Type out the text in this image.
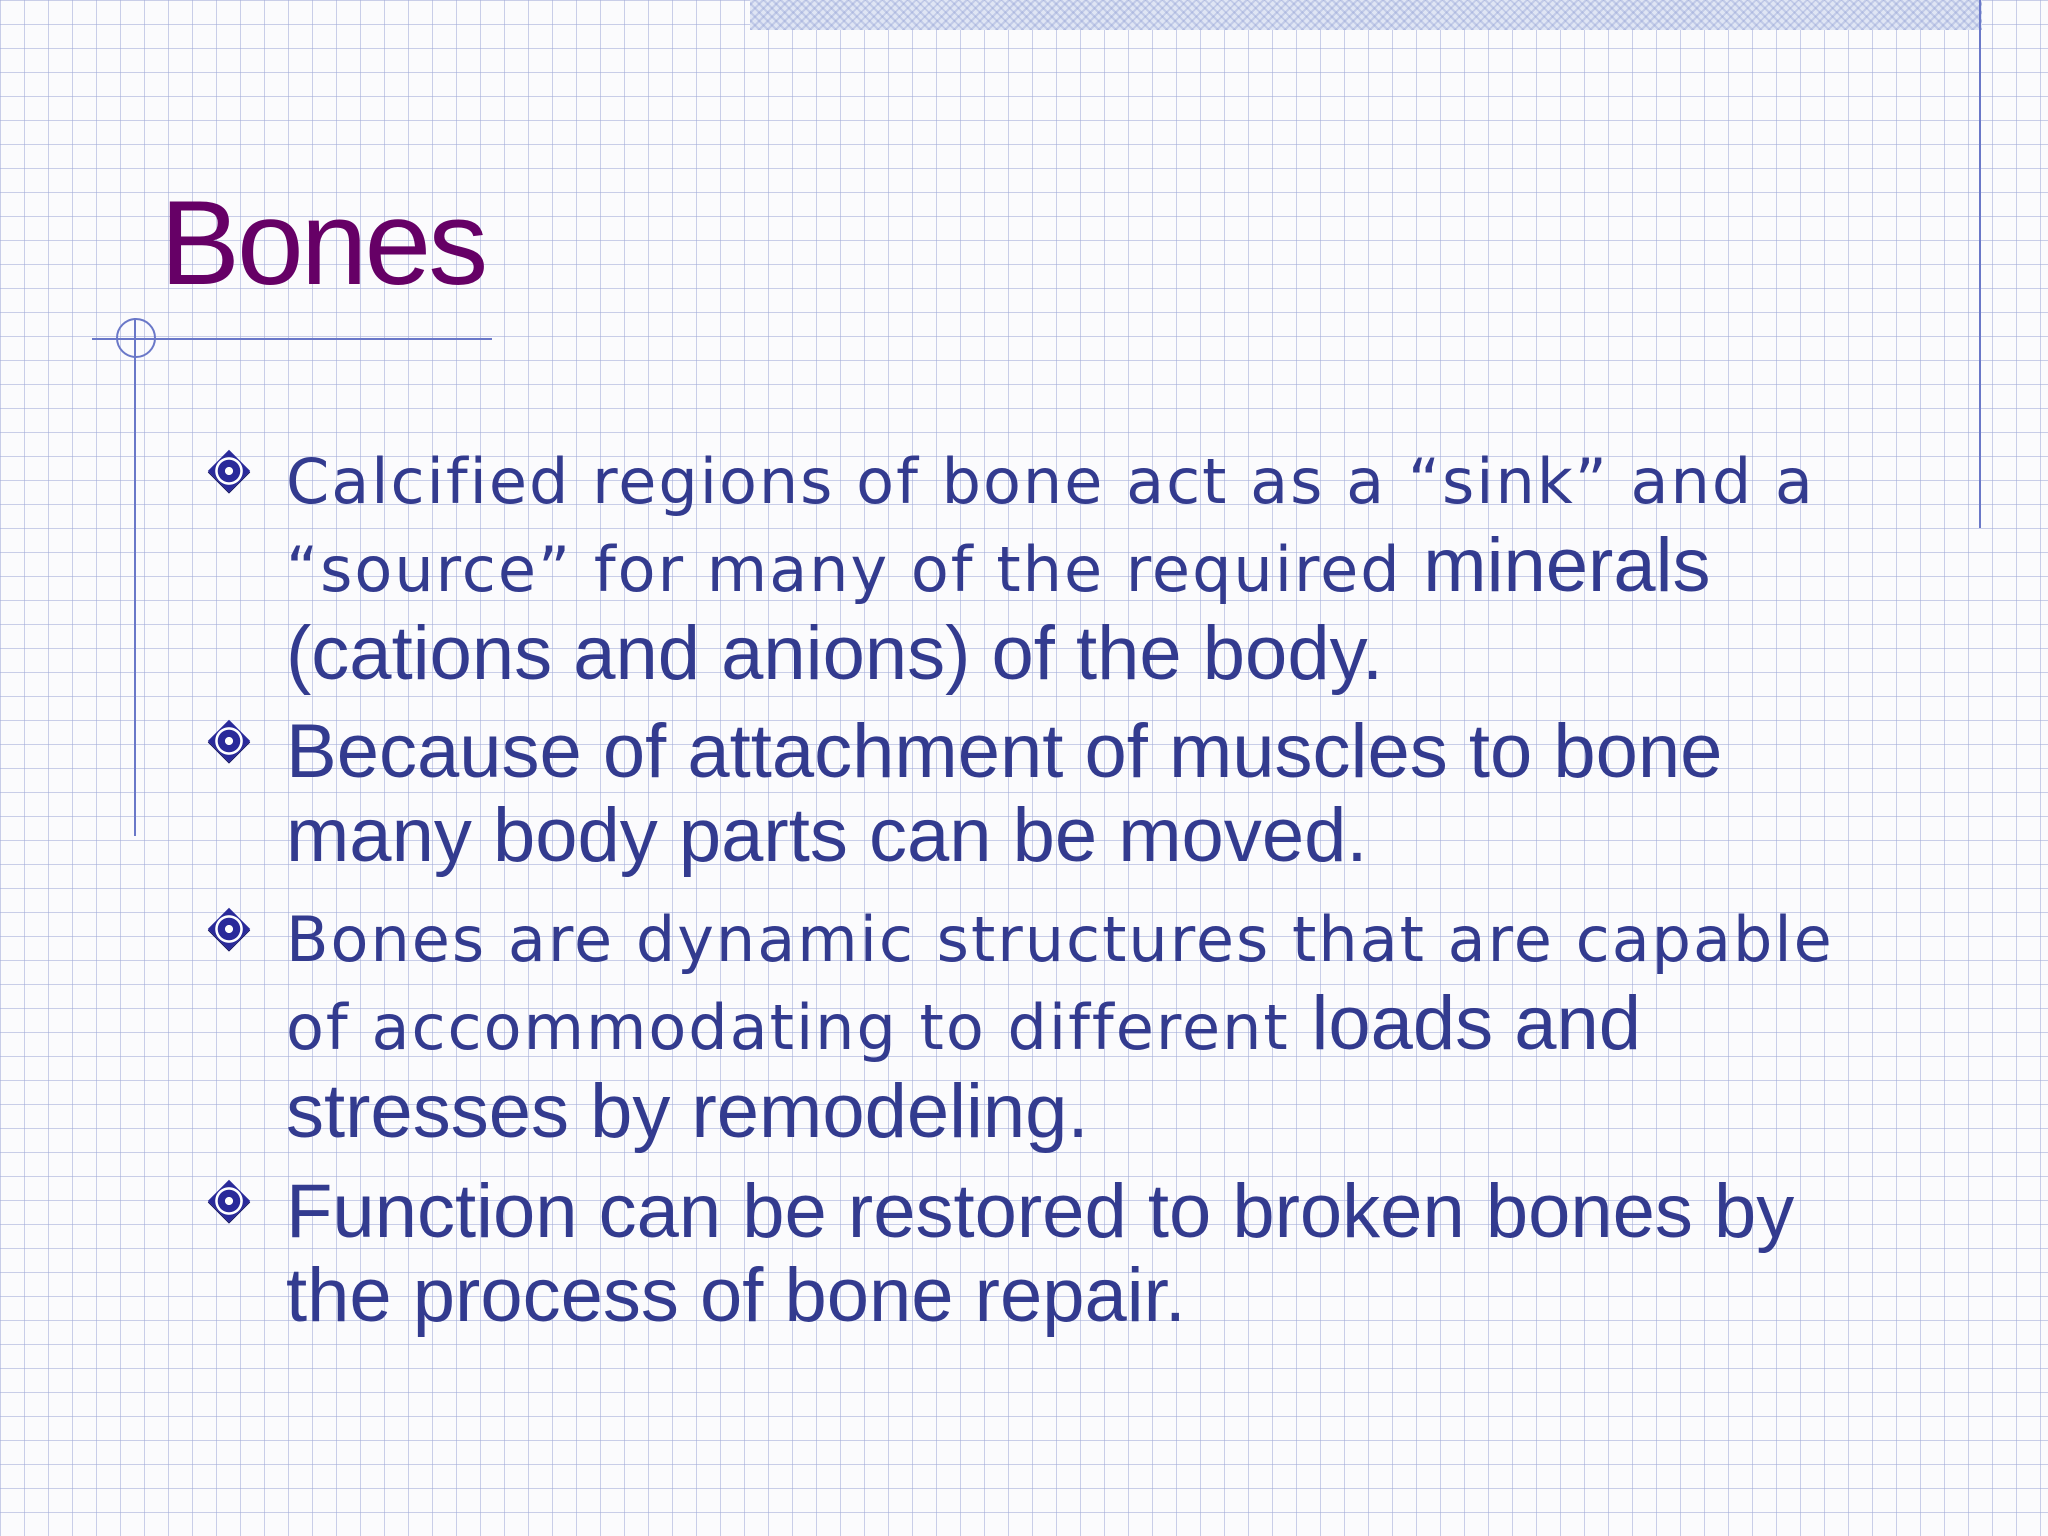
Bones
Calcified regions of bone act as a “sink” and a “source” for many of the required minerals (cations and anions) of the body.
Because of attachment of muscles to bone many body parts can be moved.
Bones are dynamic structures that are capable of accommodating to different loads and stresses by remodeling.
Function can be restored to broken bones by the process of bone repair.
